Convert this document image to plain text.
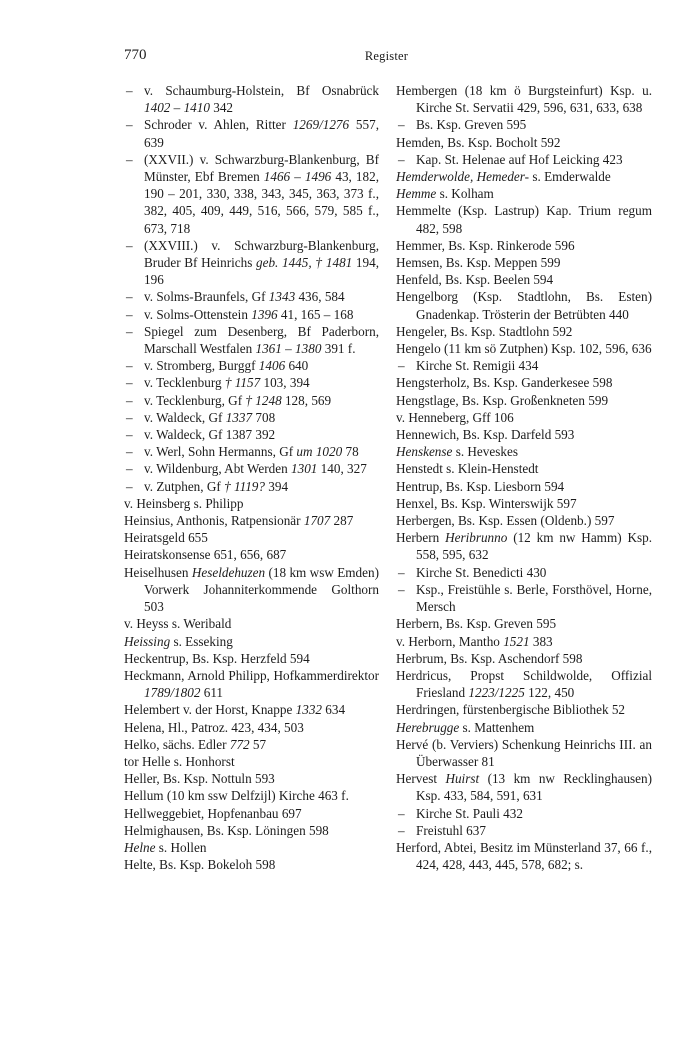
770	Register
– v. Schaumburg-Holstein, Bf Osnabrück 1402 – 1410 342
– Schroder v. Ahlen, Ritter 1269/1276 557, 639
– (XXVII.) v. Schwarzburg-Blankenburg, Bf Münster, Ebf Bremen 1466 – 1496 43, 182, 190 – 201, 330, 338, 343, 345, 363, 373 f., 382, 405, 409, 449, 516, 566, 579, 585 f., 673, 718
– (XXVIII.) v. Schwarzburg-Blankenburg, Bruder Bf Heinrichs geb. 1445, † 1481 194, 196
– v. Solms-Braunfels, Gf 1343 436, 584
– v. Solms-Ottenstein 1396 41, 165 – 168
– Spiegel zum Desenberg, Bf Paderborn, Marschall Westfalen 1361 – 1380 391 f.
– v. Stromberg, Burggf 1406 640
– v. Tecklenburg † 1157 103, 394
– v. Tecklenburg, Gf † 1248 128, 569
– v. Waldeck, Gf 1337 708
– v. Waldeck, Gf 1387 392
– v. Werl, Sohn Hermanns, Gf um 1020 78
– v. Wildenburg, Abt Werden 1301 140, 327
– v. Zutphen, Gf † 1119? 394
v. Heinsberg s. Philipp
Heinsius, Anthonis, Ratpensionär 1707 287
Heiratsgeld 655
Heiratskonsense 651, 656, 687
Heiselhusen Heseldehuzen (18 km wsw Emden) Vorwerk Johanniterkommende Golthorn 503
v. Heyss s. Weribald
Heissing s. Esseking
Heckentrup, Bs. Ksp. Herzfeld 594
Heckmann, Arnold Philipp, Hofkammerdirektor 1789/1802 611
Helembert v. der Horst, Knappe 1332 634
Helena, Hl., Patroz. 423, 434, 503
Helko, sächs. Edler 772 57
tor Helle s. Honhorst
Heller, Bs. Ksp. Nottuln 593
Hellum (10 km ssw Delfzijl) Kirche 463 f.
Hellweggebiet, Hopfenanbau 697
Helmighausen, Bs. Ksp. Löningen 598
Helne s. Hollen
Helte, Bs. Ksp. Bokeloh 598
Hembergen (18 km ö Burgsteinfurt) Ksp. u. Kirche St. Servatii 429, 596, 631, 633, 638
– Bs. Ksp. Greven 595
Hemden, Bs. Ksp. Bocholt 592
– Kap. St. Helenae auf Hof Leicking 423
Hemderwolde, Hemeder- s. Emderwalde
Hemme s. Kolham
Hemmelte (Ksp. Lastrup) Kap. Trium regum 482, 598
Hemmer, Bs. Ksp. Rinkerode 596
Hemsen, Bs. Ksp. Meppen 599
Henfeld, Bs. Ksp. Beelen 594
Hengelborg (Ksp. Stadtlohn, Bs. Esten) Gnadenkap. Trösterin der Betrübten 440
Hengeler, Bs. Ksp. Stadtlohn 592
Hengelo (11 km sö Zutphen) Ksp. 102, 596, 636
– Kirche St. Remigii 434
Hengsterholz, Bs. Ksp. Ganderkesee 598
Hengstlage, Bs. Ksp. Großenkneten 599
v. Henneberg, Gff 106
Hennewich, Bs. Ksp. Darfeld 593
Henskense s. Heveskes
Henstedt s. Klein-Henstedt
Hentrup, Bs. Ksp. Liesborn 594
Henxel, Bs. Ksp. Winterswijk 597
Herbergen, Bs. Ksp. Essen (Oldenb.) 597
Herbern Heribrunno (12 km nw Hamm) Ksp. 558, 595, 632
– Kirche St. Benedicti 430
– Ksp., Freistühle s. Berle, Forsthövel, Horne, Mersch
Herbern, Bs. Ksp. Greven 595
v. Herborn, Mantho 1521 383
Herbrum, Bs. Ksp. Aschendorf 598
Herdricus, Propst Schildwolde, Offizial Friesland 1223/1225 122, 450
Herdringen, fürstenbergische Bibliothek 52
Herebrugge s. Mattenhem
Hervé (b. Verviers) Schenkung Heinrichs III. an Überwasser 81
Hervest Huirst (13 km nw Recklinghausen) Ksp. 433, 584, 591, 631
– Kirche St. Pauli 432
– Freistuhl 637
Herford, Abtei, Besitz im Münsterland 37, 66 f., 424, 428, 443, 445, 578, 682; s.
